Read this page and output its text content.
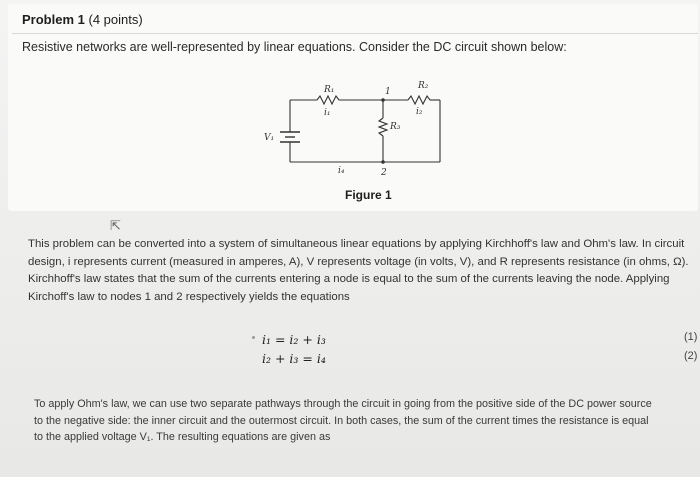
Problem 1 (4 points)
Resistive networks are well-represented by linear equations. Consider the DC circuit shown below:
R₁	R₂
R₃
i₁	i₂
i₄
V₁
1
2
Figure 1
⇱

This problem can be converted into a system of simultaneous linear equations by applying Kirchhoff's law and Ohm's law. In circuit

design, i represents current (measured in amperes, A), V represents voltage (in volts, V), and R represents resistance (in ohms, Ω).

Kirchhoff's law states that the sum of the currents entering a node is equal to the sum of the currents leaving the node. Applying

Kirchoff's law to nodes 1 and 2 respectively yields the equations

i₁ = i₂ + i₃
i₂ + i₃ = i₄
(1)
(2)

To apply Ohm's law, we can use two separate pathways through the circuit in going from the positive side of the DC power source

to the negative side: the inner circuit and the outermost circuit. In both cases, the sum of the current times the resistance is equal

to the applied voltage V₁. The resulting equations are given as
